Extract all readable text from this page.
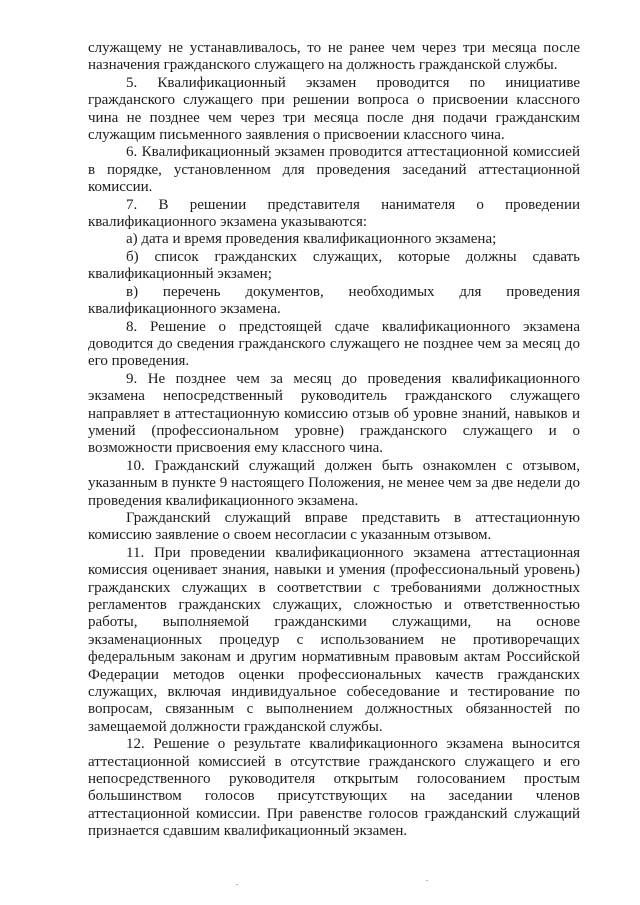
служащему не устанавливалось, то не ранее чем через три месяца после назначения гражданского служащего на должность гражданской службы.

5. Квалификационный экзамен проводится по инициативе гражданского служащего при решении вопроса о присвоении классного чина не позднее чем через три месяца после дня подачи гражданским служащим письменного заявления о присвоении классного чина.

6. Квалификационный экзамен проводится аттестационной комиссией в порядке, установленном для проведения заседаний аттестационной комиссии.

7. В решении представителя нанимателя о проведении квалификационного экзамена указываются:

а) дата и время проведения квалификационного экзамена;

б) список гражданских служащих, которые должны сдавать квалификационный экзамен;

в) перечень документов, необходимых для проведения квалификационного экзамена.

8. Решение о предстоящей сдаче квалификационного экзамена доводится до сведения гражданского служащего не позднее чем за месяц до его проведения.

9. Не позднее чем за месяц до проведения квалификационного экзамена непосредственный руководитель гражданского служащего направляет в аттестационную комиссию отзыв об уровне знаний, навыков и умений (профессиональном уровне) гражданского служащего и о возможности присвоения ему классного чина.

10. Гражданский служащий должен быть ознакомлен с отзывом, указанным в пункте 9 настоящего Положения, не менее чем за две недели до проведения квалификационного экзамена.

Гражданский служащий вправе представить в аттестационную комиссию заявление о своем несогласии с указанным отзывом.

11. При проведении квалификационного экзамена аттестационная комиссия оценивает знания, навыки и умения (профессиональный уровень) гражданских служащих в соответствии с требованиями должностных регламентов гражданских служащих, сложностью и ответственностью работы, выполняемой гражданскими служащими, на основе экзаменационных процедур с использованием не противоречащих федеральным законам и другим нормативным правовым актам Российской Федерации методов оценки профессиональных качеств гражданских служащих, включая индивидуальное собеседование и тестирование по вопросам, связанным с выполнением должностных обязанностей по замещаемой должности гражданской службы.

12. Решение о результате квалификационного экзамена выносится аттестационной комиссией в отсутствие гражданского служащего и его непосредственного руководителя открытым голосованием простым большинством голосов присутствующих на заседании членов аттестационной комиссии. При равенстве голосов гражданский служащий признается сдавшим квалификационный экзамен.
